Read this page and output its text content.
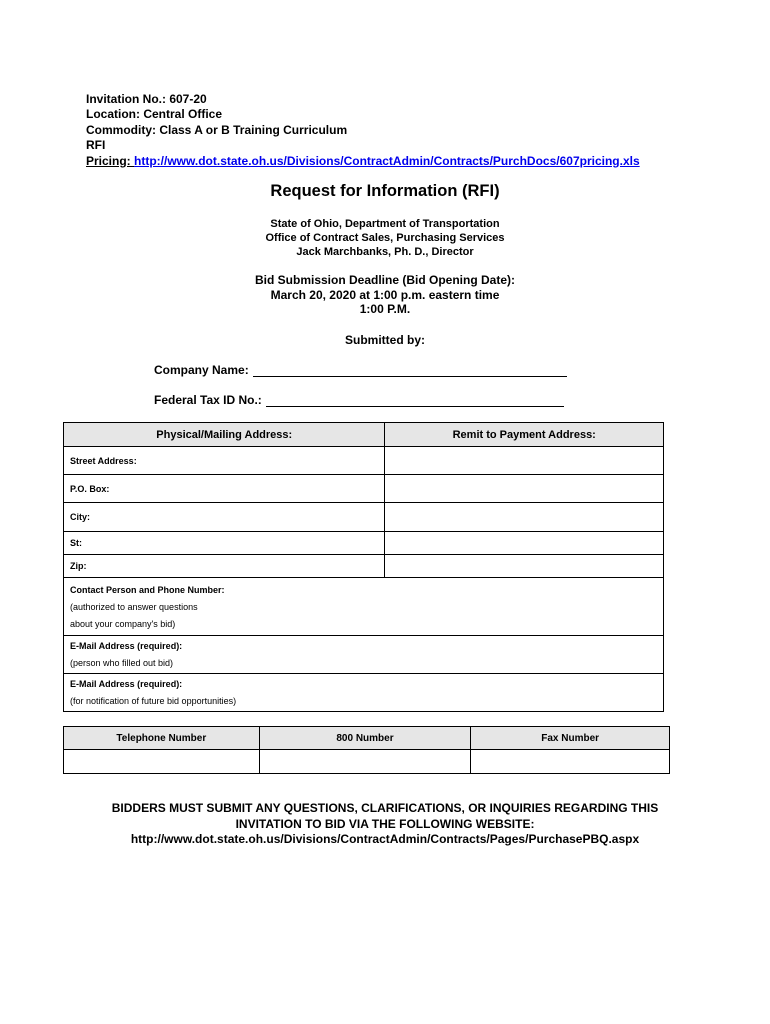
Invitation No.: 607-20
Location: Central Office
Commodity: Class A or B Training Curriculum
RFI
Pricing: http://www.dot.state.oh.us/Divisions/ContractAdmin/Contracts/PurchDocs/607pricing.xls
Request for Information (RFI)
State of Ohio, Department of Transportation
Office of Contract Sales, Purchasing Services
Jack Marchbanks, Ph. D., Director
Bid Submission Deadline (Bid Opening Date):
March 20, 2020 at 1:00 p.m. eastern time
1:00 P.M.
Submitted by:
Company Name:
Federal Tax ID No.:
Physical/Mailing Address:	Remit to Payment Address:
Street Address:	
P.O. Box:	
City:	
St:	
Zip:	

Contact Person and Phone Number:
(authorized to answer questions
about your company's bid)	

E-Mail Address (required):
(person who filled out bid)	

E-Mail Address (required):
(for notification of future bid opportunities)	
Telephone Number	800 Number	Fax Number

BIDDERS MUST SUBMIT ANY QUESTIONS, CLARIFICATIONS, OR INQUIRIES REGARDING THIS
INVITATION TO BID VIA THE FOLLOWING WEBSITE:
http://www.dot.state.oh.us/Divisions/ContractAdmin/Contracts/Pages/PurchasePBQ.aspx
